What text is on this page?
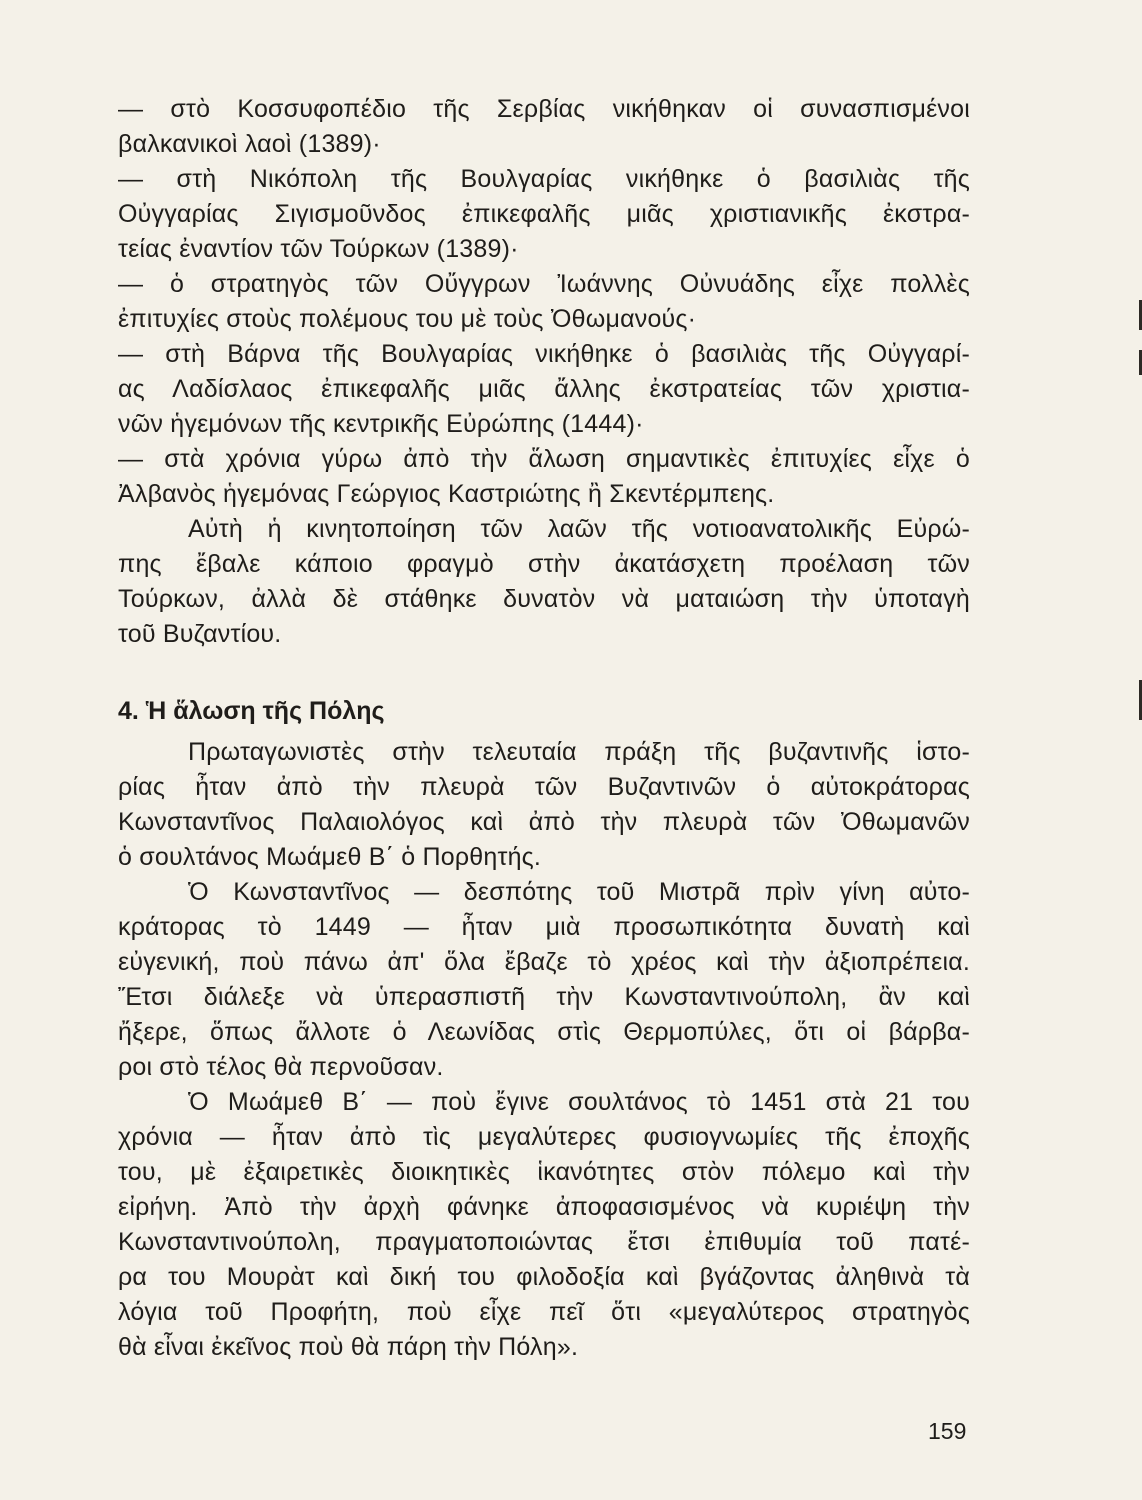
— στὸ Κοσσυφοπέδιο τῆς Σερβίας νικήθηκαν οἱ συνασπισμένοι
βαλκανικοὶ λαοὶ (1389)·
— στὴ Νικόπολη τῆς Βουλγαρίας νικήθηκε ὁ βασιλιὰς τῆς
Οὐγγαρίας Σιγισμοῦνδος ἐπικεφαλῆς μιᾶς χριστιανικῆς ἐκστρα-
τείας ἐναντίον τῶν Τούρκων (1389)·
— ὁ στρατηγὸς τῶν Οὔγγρων Ἰωάννης Οὐνυάδης εἶχε πολλὲς
ἐπιτυχίες στοὺς πολέμους του μὲ τοὺς Ὀθωμανούς·
— στὴ Βάρνα τῆς Βουλγαρίας νικήθηκε ὁ βασιλιὰς τῆς Οὐγγαρί-
ας Λαδίσλαος ἐπικεφαλῆς μιᾶς ἄλλης ἐκστρατείας τῶν χριστια-
νῶν ἡγεμόνων τῆς κεντρικῆς Εὐρώπης (1444)·
— στὰ χρόνια γύρω ἀπὸ τὴν ἅλωση σημαντικὲς ἐπιτυχίες εἶχε ὁ
Ἀλβανὸς ἡγεμόνας Γεώργιος Καστριώτης ἢ Σκεντέρμπεης.
Αὐτὴ ἡ κινητοποίηση τῶν λαῶν τῆς νοτιοανατολικῆς Εὐρώ-
πης ἔβαλε κάποιο φραγμὸ στὴν ἀκατάσχετη προέλαση τῶν
Τούρκων, ἀλλὰ δὲ στάθηκε δυνατὸν νὰ ματαιώση τὴν ὑποταγὴ
τοῦ Βυζαντίου.
4. Ἡ ἅλωση τῆς Πόλης
Πρωταγωνιστὲς στὴν τελευταία πράξη τῆς βυζαντινῆς ἱστο-
ρίας ἦταν ἀπὸ τὴν πλευρὰ τῶν Βυζαντινῶν ὁ αὐτοκράτορας
Κωνσταντῖνος Παλαιολόγος καὶ ἀπὸ τὴν πλευρὰ τῶν Ὀθωμανῶν
ὁ σουλτάνος Μωάμεθ Β΄ ὁ Πορθητής.
Ὁ Κωνσταντῖνος — δεσπότης τοῦ Μιστρᾶ πρὶν γίνη αὐτο-
κράτορας τὸ 1449 — ἦταν μιὰ προσωπικότητα δυνατὴ καὶ
εὐγενική, ποὺ πάνω ἀπ' ὅλα ἔβαζε τὸ χρέος καὶ τὴν ἀξιοπρέπεια.
Ἔτσι διάλεξε νὰ ὑπερασπιστῆ τὴν Κωνσταντινούπολη, ἂν καὶ
ἤξερε, ὅπως ἄλλοτε ὁ Λεωνίδας στὶς Θερμοπύλες, ὅτι οἱ βάρβα-
ροι στὸ τέλος θὰ περνοῦσαν.
Ὁ Μωάμεθ Β΄ — ποὺ ἔγινε σουλτάνος τὸ 1451 στὰ 21 του
χρόνια — ἦταν ἀπὸ τὶς μεγαλύτερες φυσιογνωμίες τῆς ἐποχῆς
του, μὲ ἐξαιρετικὲς διοικητικὲς ἱκανότητες στὸν πόλεμο καὶ τὴν
εἰρήνη. Ἀπὸ τὴν ἀρχὴ φάνηκε ἀποφασισμένος νὰ κυριέψη τὴν
Κωνσταντινούπολη, πραγματοποιώντας ἔτσι ἐπιθυμία τοῦ πατέ-
ρα του Μουρὰτ καὶ δική του φιλοδοξία καὶ βγάζοντας ἀληθινὰ τὰ
λόγια τοῦ Προφήτη, ποὺ εἶχε πεῖ ὅτι «μεγαλύτερος στρατηγὸς
θὰ εἶναι ἐκεῖνος ποὺ θὰ πάρη τὴν Πόλη».
159
